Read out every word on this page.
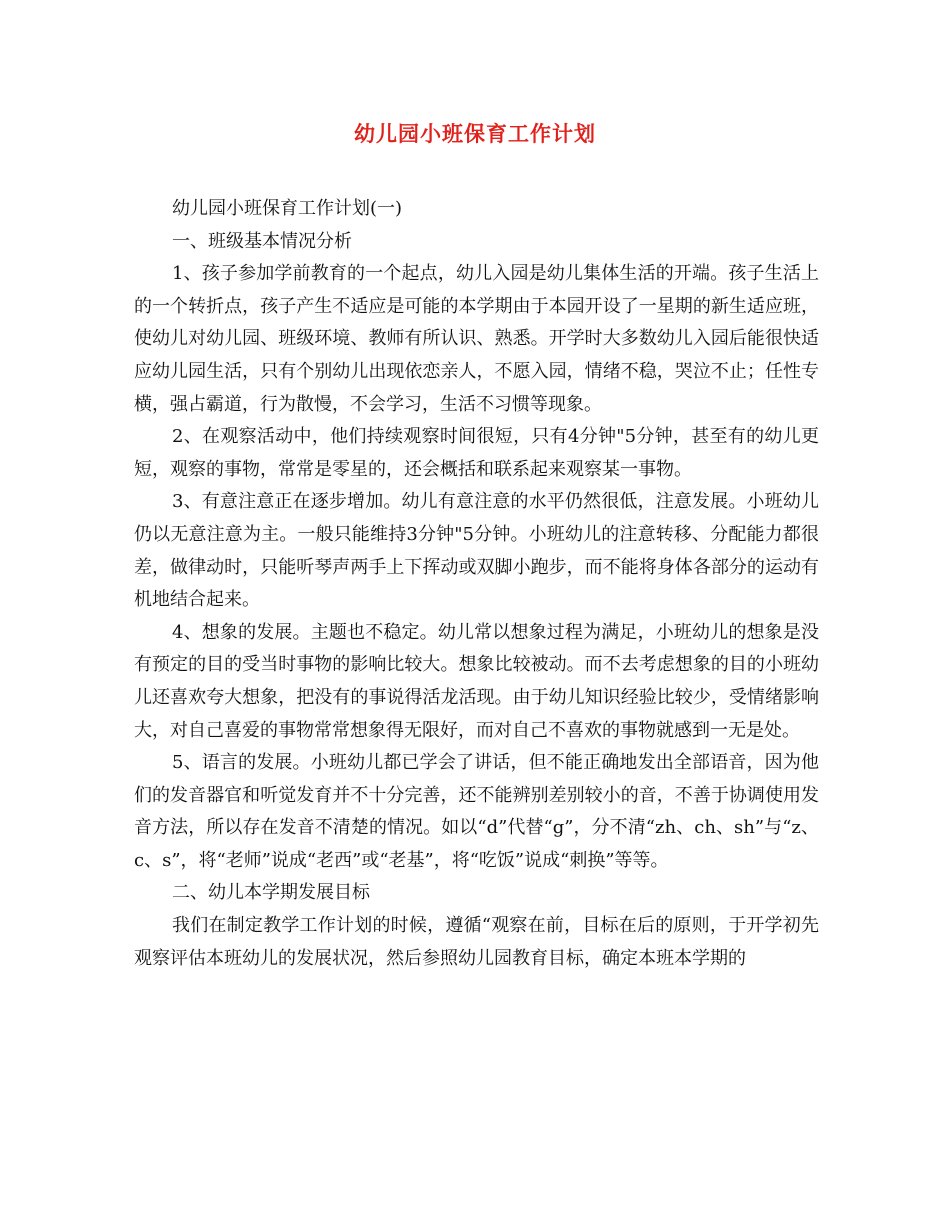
幼儿园小班保育工作计划

幼儿园小班保育工作计划(一)

一、班级基本情况分析

1、孩子参加学前教育的一个起点，幼儿入园是幼儿集体生活的开端。孩子生活上的一个转折点，孩子产生不适应是可能的本学期由于本园开设了一星期的新生适应班，使幼儿对幼儿园、班级环境、教师有所认识、熟悉。开学时大多数幼儿入园后能很快适应幼儿园生活，只有个别幼儿出现依恋亲人，不愿入园，情绪不稳，哭泣不止；任性专横，强占霸道，行为散慢，不会学习，生活不习惯等现象。

2、在观察活动中，他们持续观察时间很短，只有4分钟"5分钟，甚至有的幼儿更短，观察的事物，常常是零星的，还会概括和联系起来观察某一事物。

3、有意注意正在逐步增加。幼儿有意注意的水平仍然很低，注意发展。小班幼儿仍以无意注意为主。一般只能维持3分钟"5分钟。小班幼儿的注意转移、分配能力都很差，做律动时，只能听琴声两手上下挥动或双脚小跑步，而不能将身体各部分的运动有机地结合起来。

4、想象的发展。主题也不稳定。幼儿常以想象过程为满足，小班幼儿的想象是没有预定的目的受当时事物的影响比较大。想象比较被动。而不去考虑想象的目的小班幼儿还喜欢夸大想象，把没有的事说得活龙活现。由于幼儿知识经验比较少，受情绪影响大，对自己喜爱的事物常常想象得无限好，而对自己不喜欢的事物就感到一无是处。

5、语言的发展。小班幼儿都已学会了讲话，但不能正确地发出全部语音，因为他们的发音器官和听觉发育并不十分完善，还不能辨别差别较小的音，不善于协调使用发音方法，所以存在发音不清楚的情况。如以“d”代替“g”，分不清“zh、ch、sh”与“z、c、s”，将“老师”说成“老西”或“老基”，将“吃饭”说成“刺换”等等。

二、幼儿本学期发展目标

我们在制定教学工作计划的时候，遵循“观察在前，目标在后的原则，于开学初先观察评估本班幼儿的发展状况，然后参照幼儿园教育目标，确定本班本学期的
